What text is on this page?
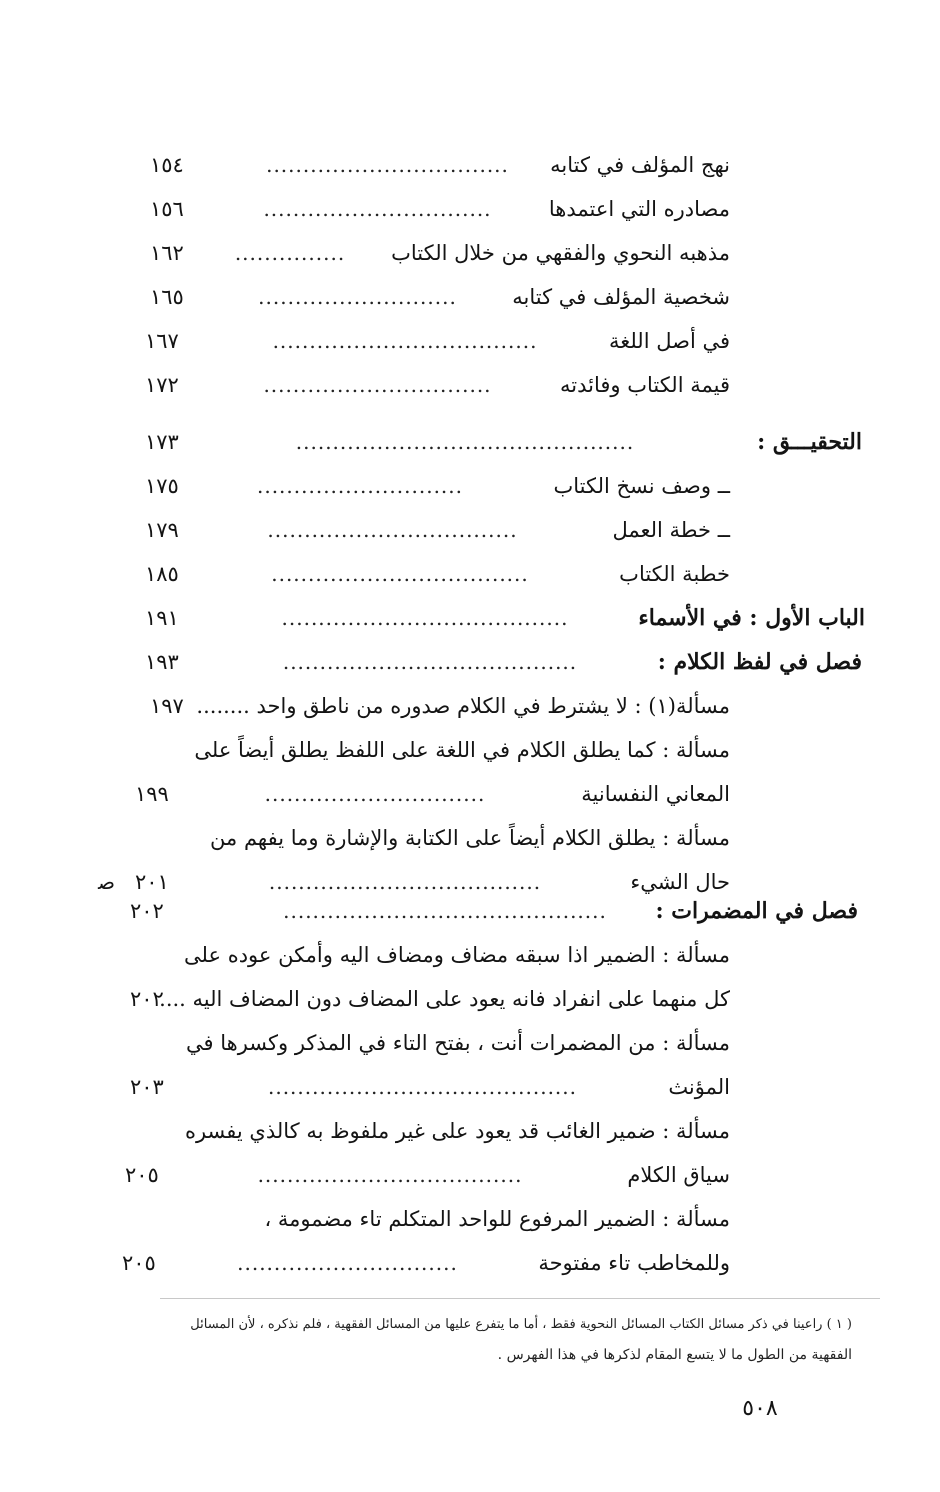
نهج المؤلف في كتابه
.................................
١٥٤
مصادره التي اعتمدها
...............................
١٥٦
مذهبه النحوي والفقهي من خلال الكتاب
...............
١٦٢
شخصية المؤلف في كتابه
...........................
١٦٥
في أصل اللغة
....................................
١٦٧
قيمة الكتاب وفائدته
...............................
١٧٢
التحقيـــق :
..............................................
١٧٣
ــ وصف نسخ الكتاب
............................
١٧٥
ــ خطة العمل
..................................
١٧٩
خطبة الكتاب
...................................
١٨٥
الباب الأول : في الأسماء
.......................................
١٩١
فصل في لفظ الكلام :
........................................
١٩٣
مسألة(١) : لا يشترط في الكلام صدوره من ناطق واحد ........
١٩٧
مسألة : كما يطلق الكلام في اللغة على اللفظ يطلق أيضاً على
المعاني النفسانية
..............................
١٩٩
مسألة : يطلق الكلام أيضاً على الكتابة والإشارة وما يفهم من
حال الشيء
.....................................
٢٠١
ﺻ
فصل في المضمرات :
............................................
٢٠٢
مسألة : الضمير اذا سبقه مضاف ومضاف اليه وأمكن عوده على
كل منهما على انفراد فانه يعود على المضاف دون المضاف اليه ....
٢٠٢
مسألة : من المضمرات أنت ، بفتح التاء في المذكر وكسرها في
المؤنث
..........................................
٢٠٣
مسألة : ضمير الغائب قد يعود على غير ملفوظ به كالذي يفسره
سياق الكلام
....................................
٢٠٥
مسألة : الضمير المرفوع للواحد المتكلم تاء مضمومة ،
وللمخاطب تاء مفتوحة
..............................
٢٠٥
( ١ ) راعينا في ذكر مسائل الكتاب المسائل النحوية فقط ، أما ما يتفرع عليها من المسائل الفقهية ، فلم نذكره ، لأن المسائل
الفقهية من الطول ما لا يتسع المقام لذكرها في هذا الفهرس .
٥٠٨
